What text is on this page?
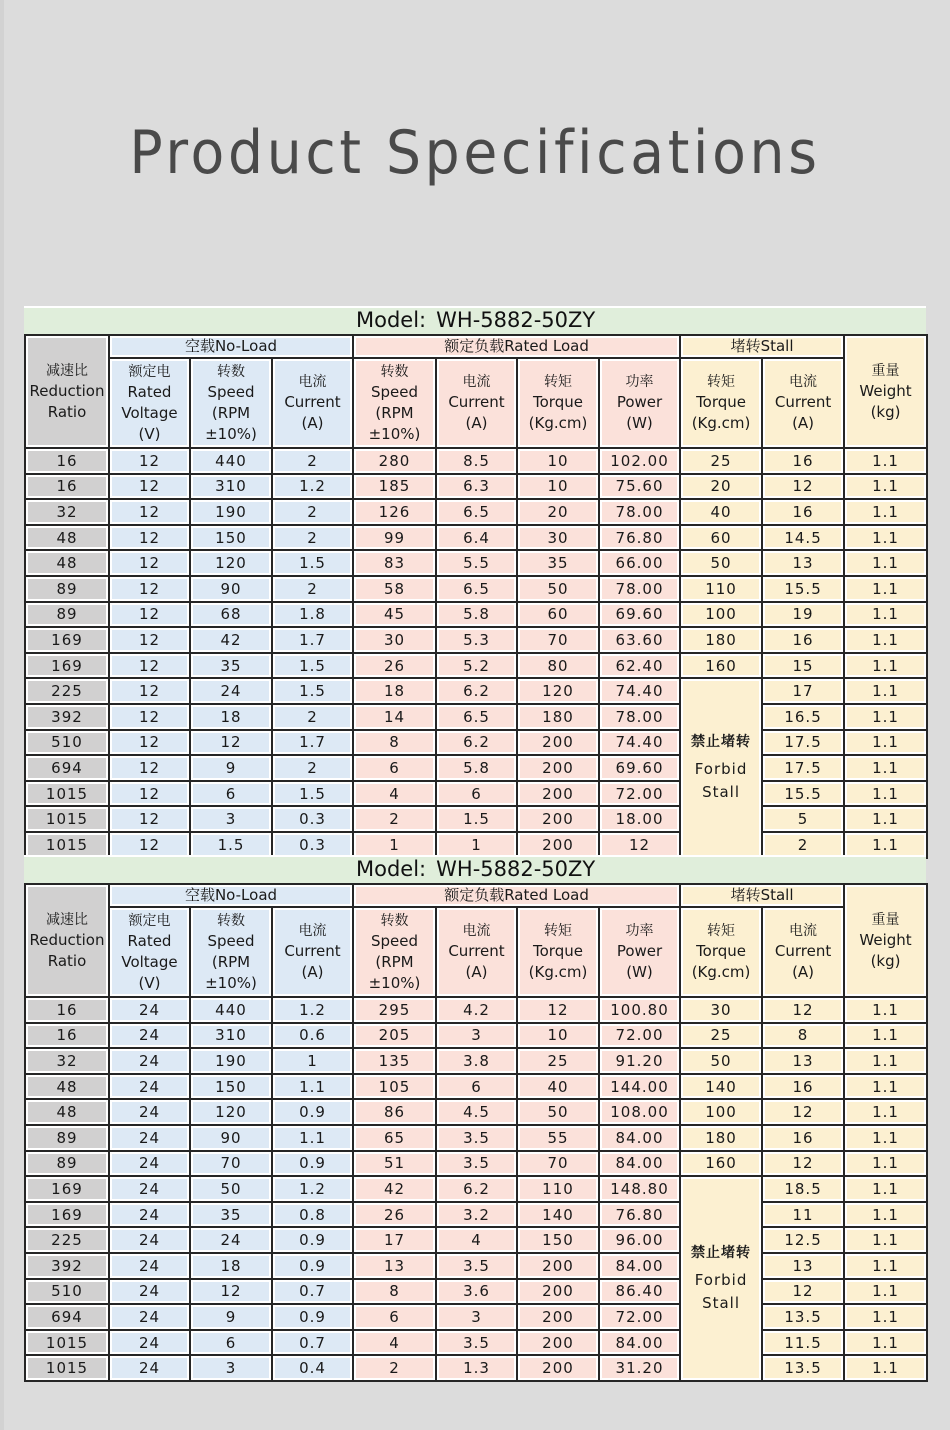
Product Specifications
Model: WH-5882-50ZY
减速比
Reduction
Ratio	空载No-Load			额定负载Rated Load				堵转Stall		重量
Weight
(kg)

	额定电
Rated
Voltage
(V)	转数
Speed
(RPM
±10%)	电流
Current
(A)	转数
Speed
(RPM
±10%)	电流
Current
(A)	转矩
Torque
(Kg.cm)	功率
Power
(W)	转矩
Torque
(Kg.cm)	电流
Current
(A)	

16	12	440	2	280	8.5	10	102.00	25	16	1.1
16	12	310	1.2	185	6.3	10	75.60	20	12	1.1
32	12	190	2	126	6.5	20	78.00	40	16	1.1
48	12	150	2	99	6.4	30	76.80	60	14.5	1.1
48	12	120	1.5	83	5.5	35	66.00	50	13	1.1
89	12	90	2	58	6.5	50	78.00	110	15.5	1.1
89	12	68	1.8	45	5.8	60	69.60	100	19	1.1
169	12	42	1.7	30	5.3	70	63.60	180	16	1.1
169	12	35	1.5	26	5.2	80	62.40	160	15	1.1
225	12	24	1.5	18	6.2	120	74.40	禁止堵转
Forbid
Stall	17	1.1
392	12	18	2	14	6.5	180	78.00		16.5	1.1
510	12	12	1.7	8	6.2	200	74.40		17.5	1.1
694	12	9	2	6	5.8	200	69.60		17.5	1.1
1015	12	6	1.5	4	6	200	72.00		15.5	1.1
1015	12	3	0.3	2	1.5	200	18.00		5	1.1
1015	12	1.5	0.3	1	1	200	12		2	1.1
Model: WH-5882-50ZY
减速比
Reduction
Ratio	空载No-Load			额定负载Rated Load				堵转Stall		重量
Weight
(kg)

	额定电
Rated
Voltage
(V)	转数
Speed
(RPM
±10%)	电流
Current
(A)	转数
Speed
(RPM
±10%)	电流
Current
(A)	转矩
Torque
(Kg.cm)	功率
Power
(W)	转矩
Torque
(Kg.cm)	电流
Current
(A)	

16	24	440	1.2	295	4.2	12	100.80	30	12	1.1
16	24	310	0.6	205	3	10	72.00	25	8	1.1
32	24	190	1	135	3.8	25	91.20	50	13	1.1
48	24	150	1.1	105	6	40	144.00	140	16	1.1
48	24	120	0.9	86	4.5	50	108.00	100	12	1.1
89	24	90	1.1	65	3.5	55	84.00	180	16	1.1
89	24	70	0.9	51	3.5	70	84.00	160	12	1.1
169	24	50	1.2	42	6.2	110	148.80	禁止堵转
Forbid
Stall	18.5	1.1
169	24	35	0.8	26	3.2	140	76.80		11	1.1
225	24	24	0.9	17	4	150	96.00		12.5	1.1
392	24	18	0.9	13	3.5	200	84.00		13	1.1
510	24	12	0.7	8	3.6	200	86.40		12	1.1
694	24	9	0.9	6	3	200	72.00		13.5	1.1
1015	24	6	0.7	4	3.5	200	84.00		11.5	1.1
1015	24	3	0.4	2	1.3	200	31.20		13.5	1.1
